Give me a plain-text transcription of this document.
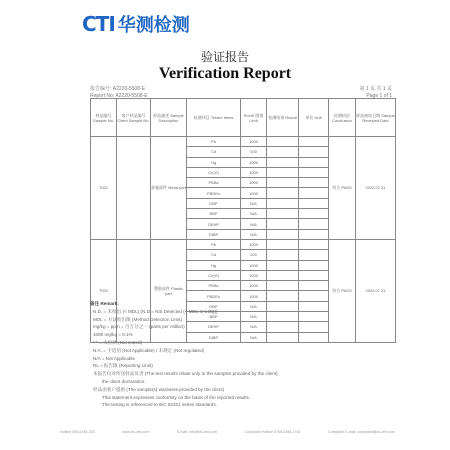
CTI 华测检测
验证报告
Verification Report
报告编号: A2220-5508-E
Report No: A2220-5508-E
第 1 页 共 1 页
Page 1 of 1
样品编号 Sample No.	客户样品编号 Client Sample No.	样品描述 Sample Description	检测项目 Tested Items	RoHS 限值 Limit	检测结果 Result	单位 Unit	检测结论 Conclusion	样品接收日期 Sample Received Date
T001		金属部件 Metal part	Pb	1000			符合 PASS	2022.07.21
			Cd	100				
			Hg	1000				
			Cr(VI)	1000				
			PBBs	1000				
			PBDEs	1000				
			DBP	N/A				
			BBP	N/A				
			DEHP	N/A				
			DIBP	N/A				
T002		塑胶部件 Plastic part	Pb	1000			符合 PASS	2022.07.21
			Cd	100				
			Hg	1000				
			Cr(VI)	1000				
			PBBs	1000				
			PBDEs	1000				
			DBP	N/A				
			BBP	N/A				
			DEHP	N/A				
			DIBP	N/A				
备注 Remark:
N.D. = 未检出 (< MDL) (N.D.= Not Detected (< MDL or LOQ))
MDL = 方法检出限 (Method Detection Limit)
mg/kg = ppm = 百万分之一 (parts per million)
1000 mg/kg = 0.1%
"-" = 未检测 (Not tested)
N.A. = 不适用 (Not Applicable) / 未规定 (Not regulated)
N/A = Not Applicable
RL = 报告限 (Reporting Limit)
本报告仅对所送样品负责 (The test results relate only to the samples provided by the client)
the client declaration.
样品由客户提供 (The sample(s) was/were provided by the client)
This statement expresses conformity on the basis of the reported results.
The testing is referenced to IEC 62321 series standards.
Hotline 400-6788-333	www.cti-cert.com	E-mail: info@cti-cert.com	Complaint Hotline 0755-3368-1700	Complaint E-mail: complaint@cti-cert.com
